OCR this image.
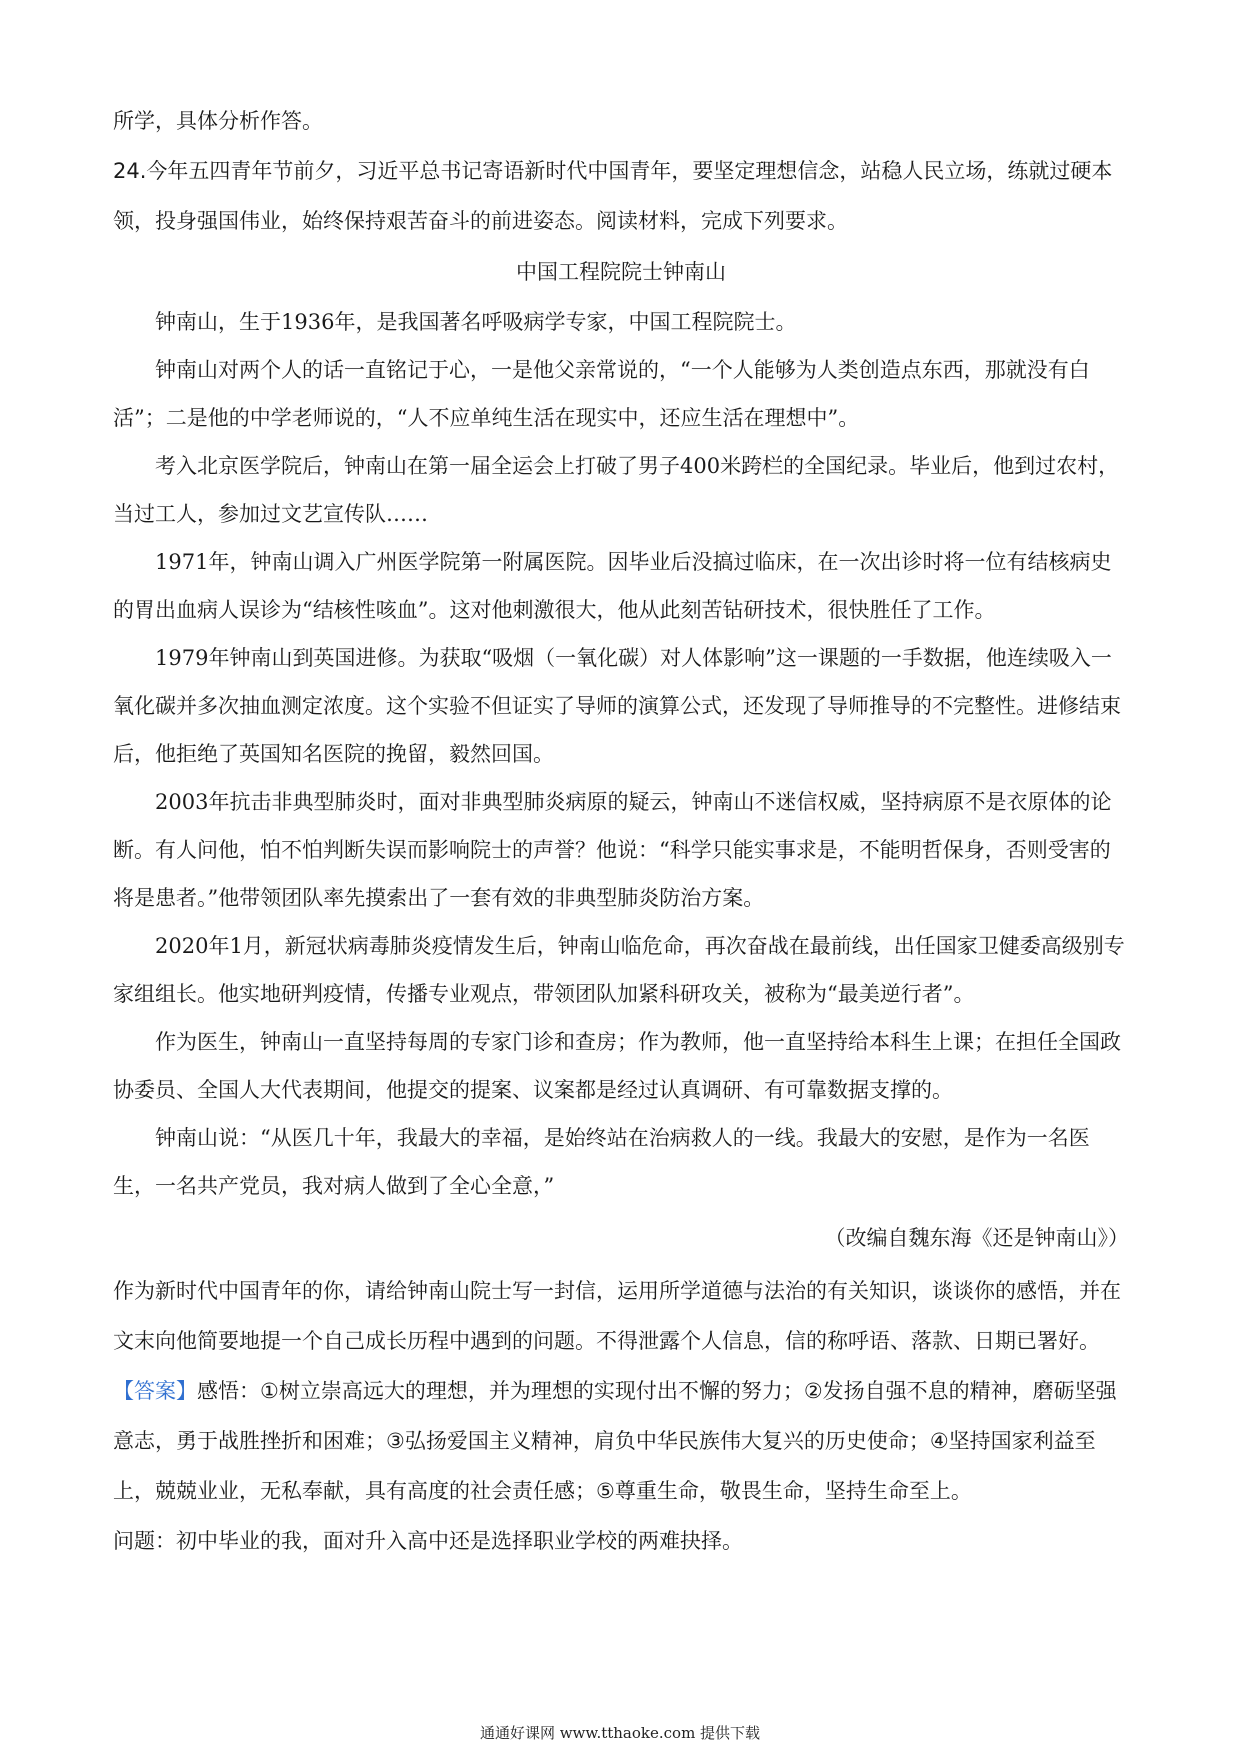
所学，具体分析作答。

24.今年五四青年节前夕，习近平总书记寄语新时代中国青年，要坚定理想信念，站稳人民立场，练就过硬本领，投身强国伟业，始终保持艰苦奋斗的前进姿态。阅读材料，完成下列要求。

中国工程院院士钟南山

钟南山，生于1936年，是我国著名呼吸病学专家，中国工程院院士。

钟南山对两个人的话一直铭记于心，一是他父亲常说的，“一个人能够为人类创造点东西，那就没有白活”；二是他的中学老师说的，“人不应单纯生活在现实中，还应生活在理想中”。

考入北京医学院后，钟南山在第一届全运会上打破了男子400米跨栏的全国纪录。毕业后，他到过农村，当过工人，参加过文艺宣传队……

1971年，钟南山调入广州医学院第一附属医院。因毕业后没搞过临床，在一次出诊时将一位有结核病史的胃出血病人误诊为“结核性咳血”。这对他刺激很大，他从此刻苦钻研技术，很快胜任了工作。

1979年钟南山到英国进修。为获取“吸烟（一氧化碳）对人体影响”这一课题的一手数据，他连续吸入一氧化碳并多次抽血测定浓度。这个实验不但证实了导师的演算公式，还发现了导师推导的不完整性。进修结束后，他拒绝了英国知名医院的挽留，毅然回国。

2003年抗击非典型肺炎时，面对非典型肺炎病原的疑云，钟南山不迷信权威，坚持病原不是衣原体的论断。有人问他，怕不怕判断失误而影响院士的声誉？他说：“科学只能实事求是，不能明哲保身，否则受害的将是患者。”他带领团队率先摸索出了一套有效的非典型肺炎防治方案。

2020年1月，新冠状病毒肺炎疫情发生后，钟南山临危命，再次奋战在最前线，出任国家卫健委高级别专家组组长。他实地研判疫情，传播专业观点，带领团队加紧科研攻关，被称为“最美逆行者”。

作为医生，钟南山一直坚持每周的专家门诊和查房；作为教师，他一直坚持给本科生上课；在担任全国政协委员、全国人大代表期间，他提交的提案、议案都是经过认真调研、有可靠数据支撑的。

钟南山说：“从医几十年，我最大的幸福，是始终站在治病救人的一线。我最大的安慰，是作为一名医生，一名共产党员，我对病人做到了全心全意，”

（改编自魏东海《还是钟南山》）

作为新时代中国青年的你，请给钟南山院士写一封信，运用所学道德与法治的有关知识，谈谈你的感悟，并在文末向他简要地提一个自己成长历程中遇到的问题。不得泄露个人信息，信的称呼语、落款、日期已署好。

【答案】感悟：①树立崇高远大的理想，并为理想的实现付出不懈的努力；②发扬自强不息的精神，磨砺坚强意志，勇于战胜挫折和困难；③弘扬爱国主义精神，肩负中华民族伟大复兴的历史使命；④坚持国家利益至上，兢兢业业，无私奉献，具有高度的社会责任感；⑤尊重生命，敬畏生命，坚持生命至上。

问题：初中毕业的我，面对升入高中还是选择职业学校的两难抉择。

通通好课网 www.tthaoke.com 提供下载
